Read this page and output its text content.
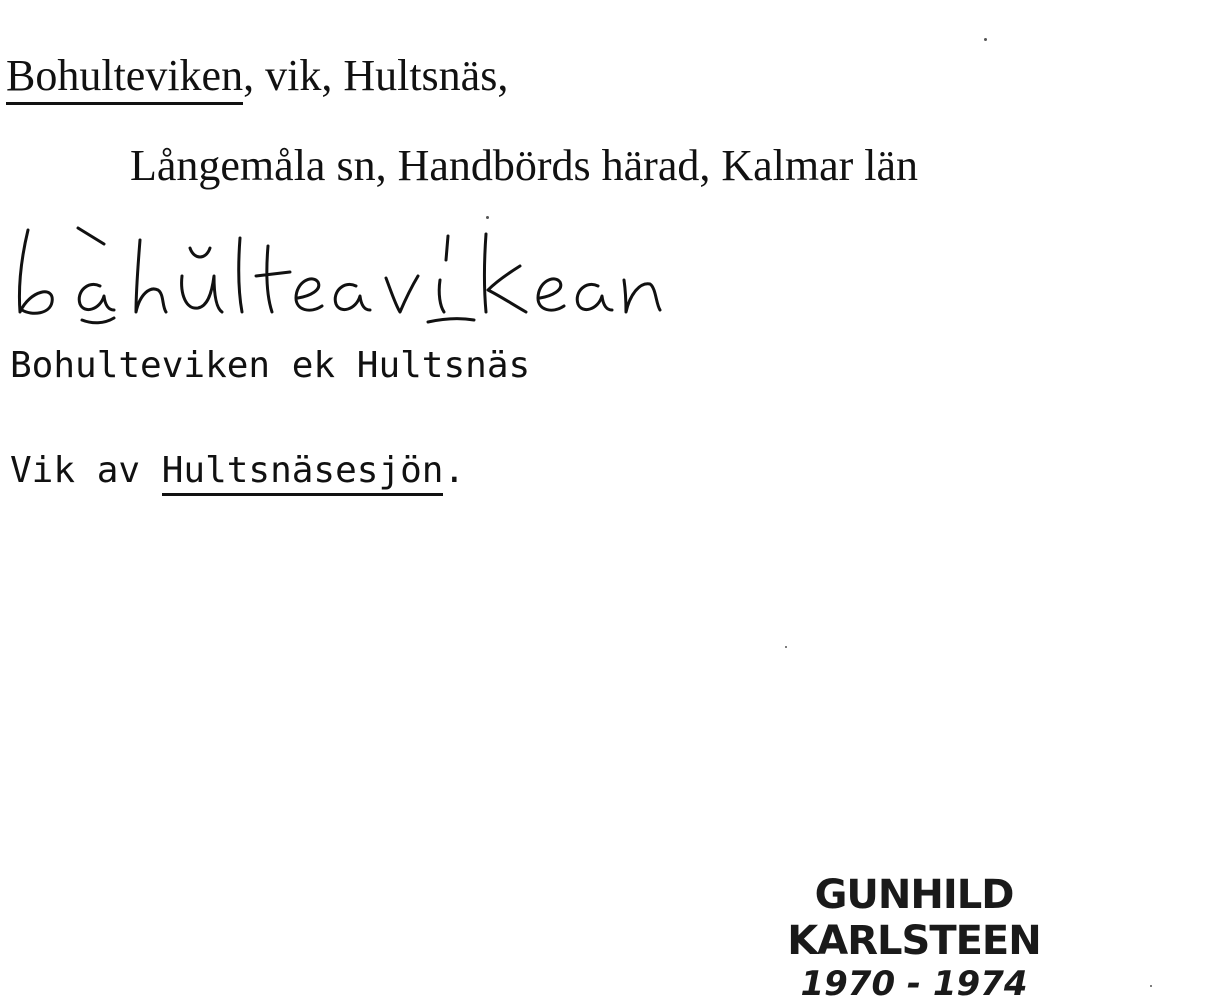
Bohulteviken, vik, Hultsnäs,
Långemåla sn, Handbörds härad, Kalmar län
Bohulteviken ek Hultsnäs
Vik av Hultsnäsesjön.
GUNHILD KARLSTEEN
1970 - 1974
